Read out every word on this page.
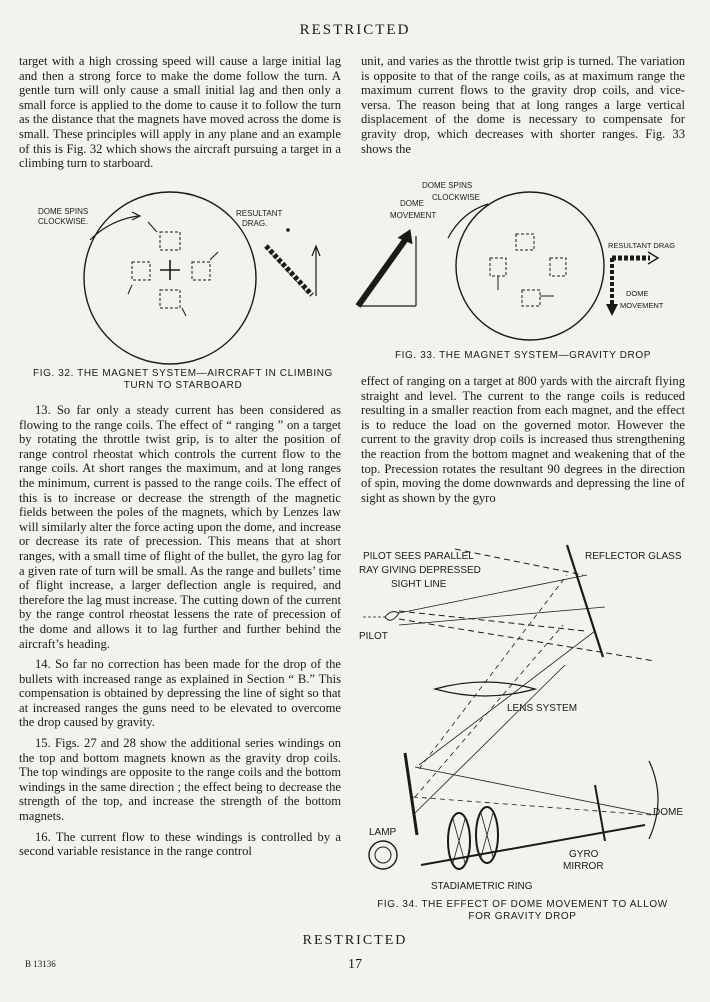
RESTRICTED

target with a high crossing speed will cause a large initial lag and then a strong force to make the dome follow the turn. A gentle turn will only cause a small initial lag and then only a small force is applied to the dome to cause it to follow the turn as the distance that the magnets have moved across the dome is small. These principles will apply in any plane and an example of this is Fig. 32 which shows the aircraft pursuing a target in a climbing turn to starboard.

unit, and varies as the throttle twist grip is turned. The variation is opposite to that of the range coils, as at maximum range the maximum current flows to the gravity drop coils, and vice-versa. The reason being that at long ranges a large vertical displacement of the dome is necessary to compensate for gravity drop, which decreases with shorter ranges. Fig. 33 shows the

DOME SPINS
CLOCKWISE.
RESULTANT
DRAG.
FIG. 32. THE MAGNET SYSTEM—AIRCRAFT IN CLIMBING TURN TO STARBOARD
DOME SPINS
CLOCKWISE
DOME
MOVEMENT
RESULTANT DRAG
DOME
MOVEMENT
FIG. 33. THE MAGNET SYSTEM—GRAVITY DROP

13. So far only a steady current has been considered as flowing to the range coils. The effect of “ ranging ” on a target by rotating the throttle twist grip, is to alter the position of range control rheostat which controls the current flow to the range coils. At short ranges the maximum, and at long ranges the minimum, current is passed to the range coils. The effect of this is to increase or decrease the strength of the magnetic fields between the poles of the magnets, which by Lenzes law will similarly alter the force acting upon the dome, and increase or decrease its rate of precession. This means that at short ranges, with a small time of flight of the bullet, the gyro lag for a given rate of turn will be small. As the range and bullets’ time of flight increase, a larger deflection angle is required, and therefore the lag must increase. The cutting down of the current by the range control rheostat lessens the rate of precession of the dome and allows it to lag further and further behind the aircraft’s heading.

14. So far no correction has been made for the drop of the bullets with increased range as explained in Section “ B.” This compensation is obtained by depressing the line of sight so that at increased ranges the guns need to be elevated to overcome the drop caused by gravity.

15. Figs. 27 and 28 show the additional series windings on the top and bottom magnets known as the gravity drop coils. The top windings are opposite to the range coils and the bottom windings in the same direction ; the effect being to decrease the strength of the top, and increase the strength of the bottom magnets.

16. The current flow to these windings is controlled by a second variable resistance in the range control

effect of ranging on a target at 800 yards with the aircraft flying straight and level. The current to the range coils is reduced resulting in a smaller reaction from each magnet, and the effect is to reduce the load on the governed motor. However the current to the gravity drop coils is increased thus strengthening the reaction from the bottom magnet and weakening that of the top. Precession rotates the resultant 90 degrees in the direction of spin, moving the dome downwards and depressing the line of sight as shown by the gyro

PILOT SEES PARALLEL
RAY GIVING DEPRESSED
SIGHT LINE
REFLECTOR GLASS
PILOT
LENS SYSTEM
DOME
LAMP
GYRO
MIRROR
STADIAMETRIC RING
FIG. 34. THE EFFECT OF DOME MOVEMENT TO ALLOW
FOR GRAVITY DROP
RESTRICTED
17
B 13136
